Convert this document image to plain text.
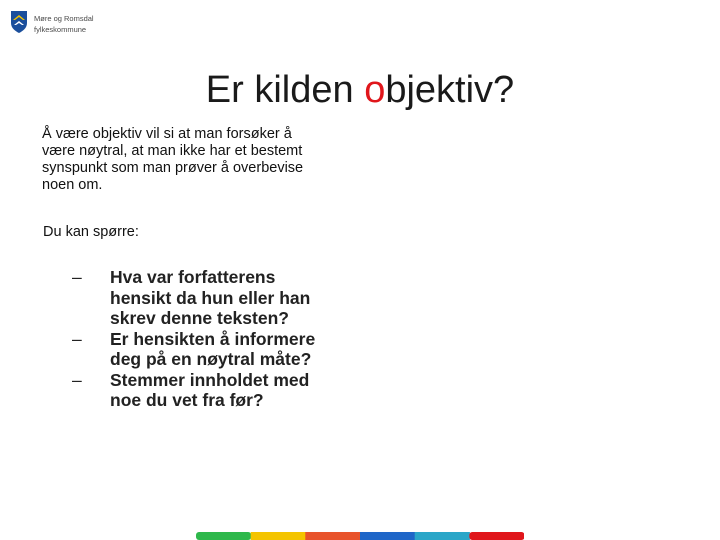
Møre og Romsdal
fylkeskommune
Er kilden objektiv?
Å være objektiv vil si at man forsøker å
være nøytral, at man ikke har et bestemt
synspunkt som man prøver å overbevise
noen om.
Du kan spørre:
–	Hva var forfatterens
hensikt da hun eller han
skrev denne teksten?
–	Er hensikten å informere
deg på en nøytral måte?
–	Stemmer innholdet med
noe du vet fra før?
